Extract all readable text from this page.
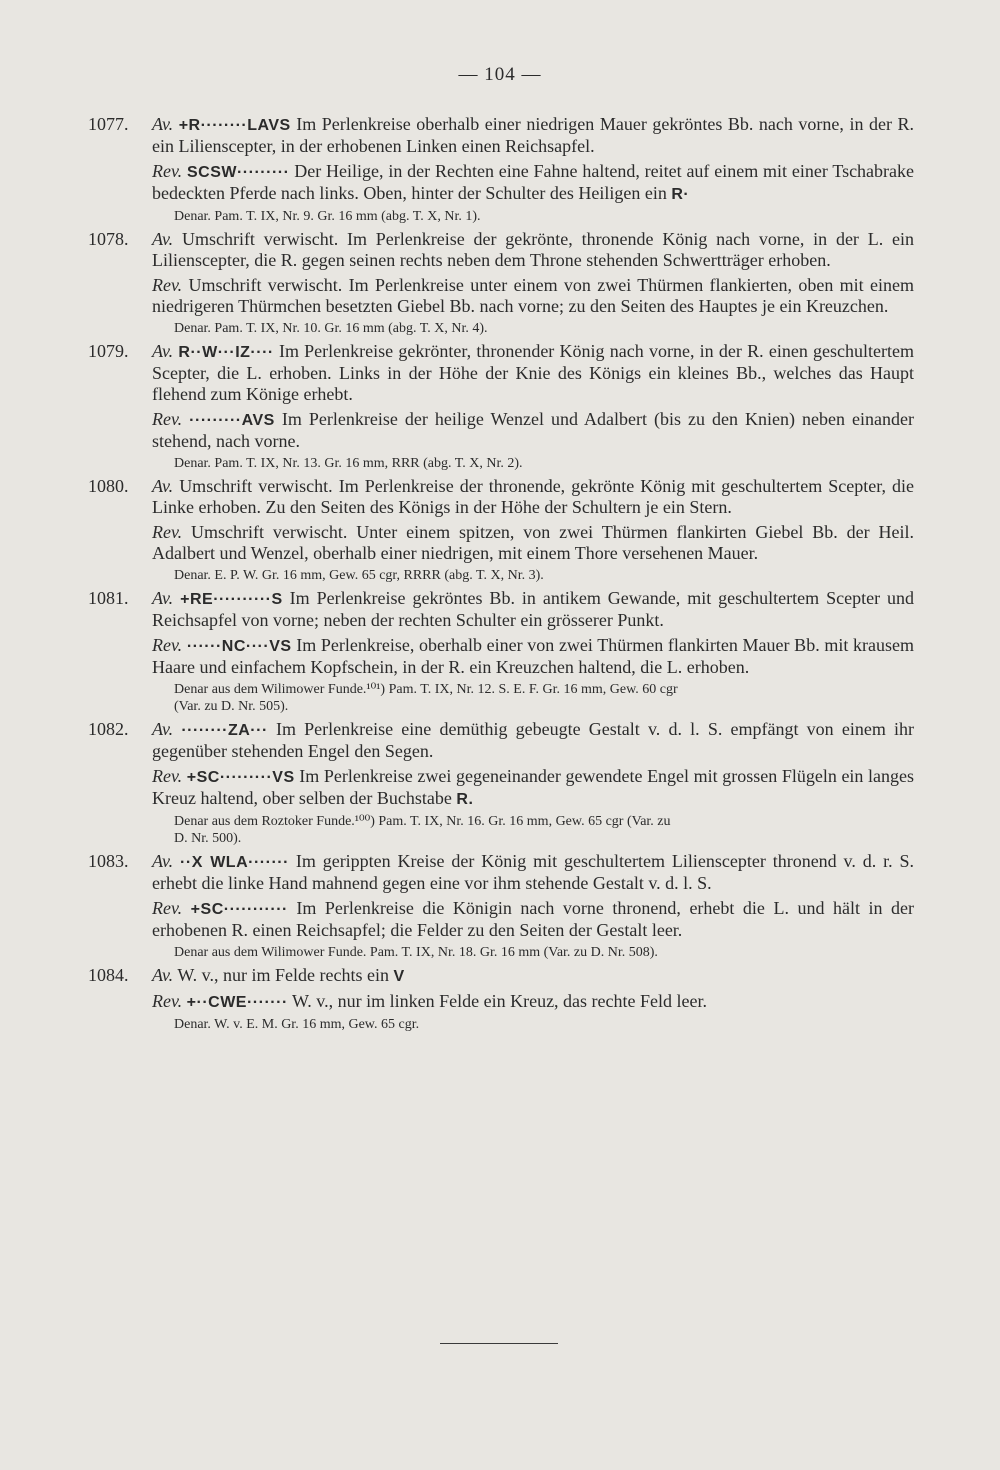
— 104 —
1077.	Av. +R········LAVS Im Perlenkreise oberhalb einer niedrigen Mauer gekröntes Bb. nach vorne, in der R. ein Lilienscepter, in der erhobenen Linken einen Reichsapfel.

Rev. SCSW········· Der Heilige, in der Rechten eine Fahne haltend, reitet auf einem mit einer Tschabrake bedeckten Pferde nach links. Oben, hinter der Schulter des Heiligen ein R·

Denar. Pam. T. IX, Nr. 9. Gr. 16 mm (abg. T. X, Nr. 1).
1078.	Av. Umschrift verwischt. Im Perlenkreise der gekrönte, thronende König nach vorne, in der L. ein Lilienscepter, die R. gegen seinen rechts neben dem Throne stehenden Schwertträger erhoben.

Rev. Umschrift verwischt. Im Perlenkreise unter einem von zwei Thürmen flankierten, oben mit einem niedrigeren Thürmchen besetzten Giebel Bb. nach vorne; zu den Seiten des Hauptes je ein Kreuzchen.

Denar. Pam. T. IX, Nr. 10. Gr. 16 mm (abg. T. X, Nr. 4).
1079.	Av. R··W···IZ···· Im Perlenkreise gekrönter, thronender König nach vorne, in der R. einen geschultertem Scepter, die L. erhoben. Links in der Höhe der Knie des Königs ein kleines Bb., welches das Haupt flehend zum Könige erhebt.

Rev. ·········AVS Im Perlenkreise der heilige Wenzel und Adalbert (bis zu den Knien) neben einander stehend, nach vorne.

Denar. Pam. T. IX, Nr. 13. Gr. 16 mm, RRR (abg. T. X, Nr. 2).
1080.	Av. Umschrift verwischt. Im Perlenkreise der thronende, gekrönte König mit geschultertem Scepter, die Linke erhoben. Zu den Seiten des Königs in der Höhe der Schultern je ein Stern.

Rev. Umschrift verwischt. Unter einem spitzen, von zwei Thürmen flankirten Giebel Bb. der Heil. Adalbert und Wenzel, oberhalb einer niedrigen, mit einem Thore versehenen Mauer.

Denar. E. P. W. Gr. 16 mm, Gew. 65 cgr, RRRR (abg. T. X, Nr. 3).
1081.	Av. +RE··········S Im Perlenkreise gekröntes Bb. in antikem Gewande, mit geschultertem Scepter und Reichsapfel von vorne; neben der rechten Schulter ein grösserer Punkt.

Rev. ······NC····VS Im Perlenkreise, oberhalb einer von zwei Thürmen flankirten Mauer Bb. mit krausem Haare und einfachem Kopfschein, in der R. ein Kreuzchen haltend, die L. erhoben.

Denar aus dem Wilimower Funde.¹⁰¹) Pam. T. IX, Nr. 12. S. E. F. Gr. 16 mm, Gew. 60 cgr
(Var. zu D. Nr. 505).
1082.	Av. ········ZA··· Im Perlenkreise eine demüthig gebeugte Gestalt v. d. l. S. empfängt von einem ihr gegenüber stehenden Engel den Segen.

Rev. +SC·········VS Im Perlenkreise zwei gegeneinander gewendete Engel mit grossen Flügeln ein langes Kreuz haltend, ober selben der Buchstabe R.

Denar aus dem Roztoker Funde.¹⁰⁰) Pam. T. IX, Nr. 16. Gr. 16 mm, Gew. 65 cgr (Var. zu
D. Nr. 500).
1083.	Av. ··X WLA······· Im gerippten Kreise der König mit geschultertem Lilienscepter thronend v. d. r. S. erhebt die linke Hand mahnend gegen eine vor ihm stehende Gestalt v. d. l. S.

Rev. +SC··········· Im Perlenkreise die Königin nach vorne thronend, erhebt die L. und hält in der erhobenen R. einen Reichsapfel; die Felder zu den Seiten der Gestalt leer.

Denar aus dem Wilimower Funde. Pam. T. IX, Nr. 18. Gr. 16 mm (Var. zu D. Nr. 508).
1084.	Av. W. v., nur im Felde rechts ein V

Rev. +··CWE······· W. v., nur im linken Felde ein Kreuz, das rechte Feld leer.

Denar. W. v. E. M. Gr. 16 mm, Gew. 65 cgr.
